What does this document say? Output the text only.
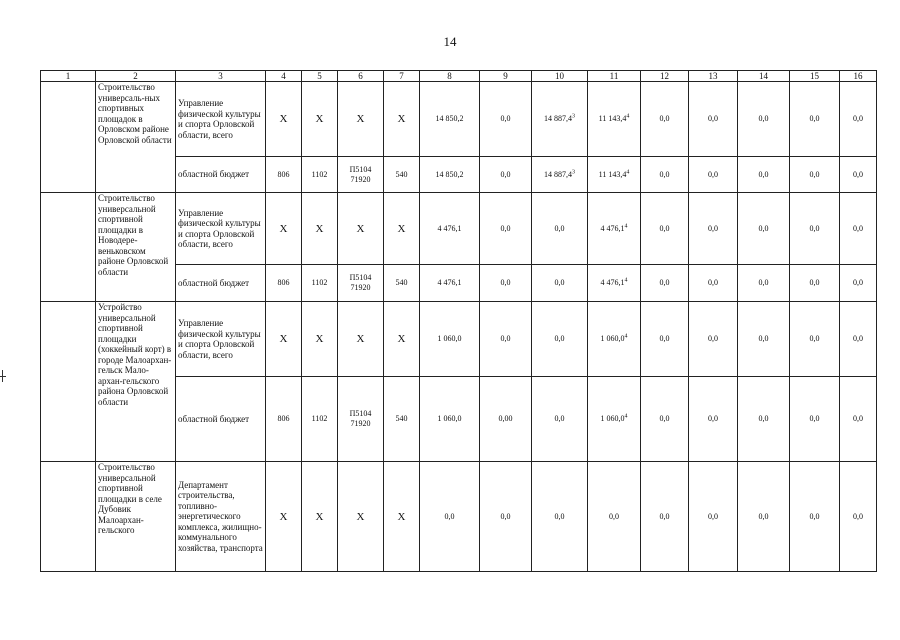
14
1	2	3	4	5	6	7	8	9	10	11	12	13	14	15	16
	Строительство универсаль-ных спортивных площадок в Орловском районе Орловской области	Управление физической культуры и спорта Орловской области, всего	Х	Х	Х	Х	14 850,2	0,0	14 887,4$^3$	11 143,4$^4$	0,0	0,0	0,0	0,0	0,0
		областной бюджет	806	1102	П5104 71920	540	14 850,2	0,0	14 887,4$^3$	11 143,4$^4$	0,0	0,0	0,0	0,0	0,0
	Строительство универсальной спортивной площадки в Новодере-веньковском районе Орловской области	Управление физической культуры и спорта Орловской области, всего	Х	Х	Х	Х	4 476,1	0,0	0,0	4 476,1$^4$	0,0	0,0	0,0	0,0	0,0
		областной бюджет	806	1102	П5104 71920	540	4 476,1	0,0	0,0	4 476,1$^4$	0,0	0,0	0,0	0,0	0,0
	Устройство универсальной спортивной площадки (хоккейный корт) в городе Малоархан-гельск Мало-архан-гельского района Орловской области	Управление физической культуры и спорта Орловской области, всего	Х	Х	Х	Х	1 060,0	0,0	0,0	1 060,0$^4$	0,0	0,0	0,0	0,0	0,0
		областной бюджет	806	1102	П5104 71920	540	1 060,0	0,00	0,0	1 060,0$^4$	0,0	0,0	0,0	0,0	0,0
	Строительство универсальной спортивной площадки в селе Дубовик Малоархан-гельского	Департамент строительства, топливно-энергетического комплекса, жилищно-коммунального хозяйства, транспорта	Х	Х	Х	Х	0,0	0,0	0,0	0,0	0,0	0,0	0,0	0,0	0,0
